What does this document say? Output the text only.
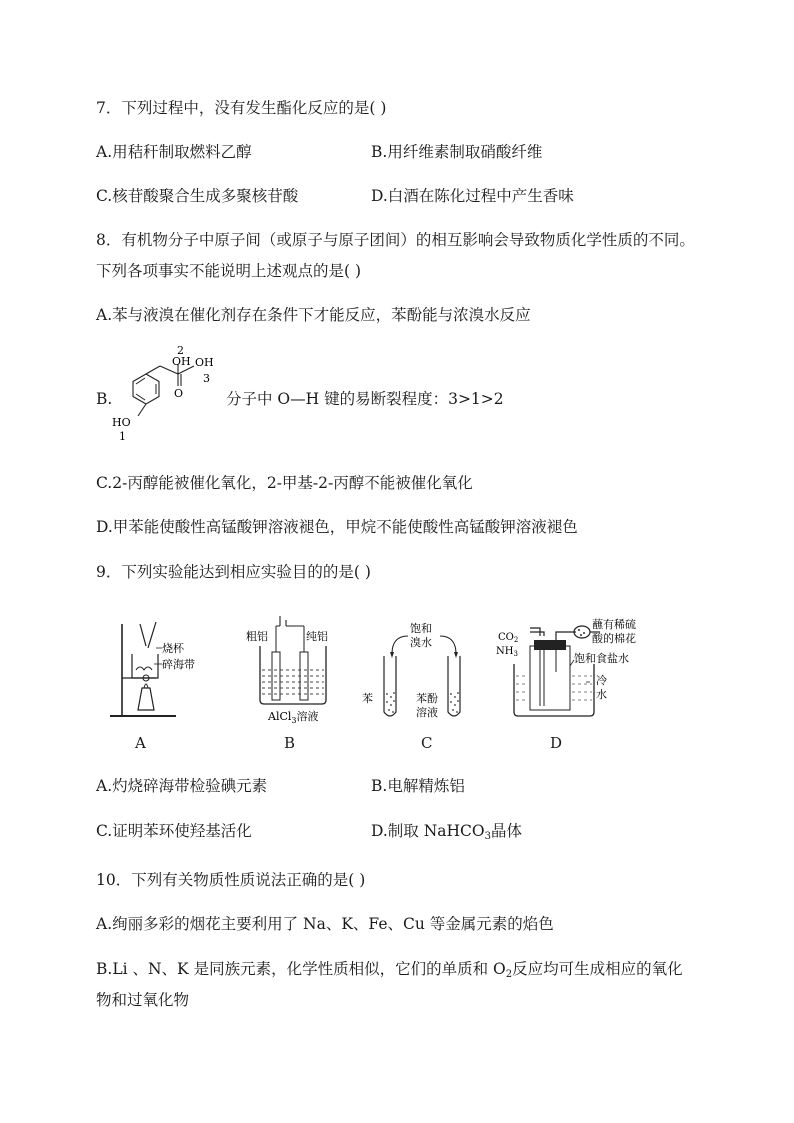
7．下列过程中，没有发生酯化反应的是( )
A.用秸秆制取燃料乙醇	B.用纤维素制取硝酸纤维
C.核苷酸聚合生成多聚核苷酸	D.白酒在陈化过程中产生香味
8．有机物分子中原子间（或原子与原子团间）的相互影响会导致物质化学性质的不同。
下列各项事实不能说明上述观点的是( )
A.苯与液溴在催化剂存在条件下才能反应，苯酚能与浓溴水反应
B.
2
OH OH
3
O
HO
1
分子中 O—H 键的易断裂程度：3>1>2
C.2-丙醇能被催化氧化，2-甲基-2-丙醇不能被催化氧化
D.甲苯能使酸性高锰酸钾溶液褪色，甲烷不能使酸性高锰酸钾溶液褪色
9．下列实验能达到相应实验目的的是( )
烧杯
碎海带
A
粗铝	纯铝
AlCl$_3$溶液
B
饱和
溴水
苯	苯酚
溶液
C
$CO_2$
$NH_3$
蘸有稀硫
酸的棉花
饱和食盐水
冷
水
D
A.灼烧碎海带检验碘元素	B.电解精炼铝
C.证明苯环使羟基活化	D.制取 NaHCO$_3$晶体
10．下列有关物质性质说法正确的是( )
A.绚丽多彩的烟花主要利用了 Na、K、Fe、Cu 等金属元素的焰色
B.Li 、N、K 是同族元素，化学性质相似，它们的单质和 $O_2$反应均可生成相应的氧化
物和过氧化物
